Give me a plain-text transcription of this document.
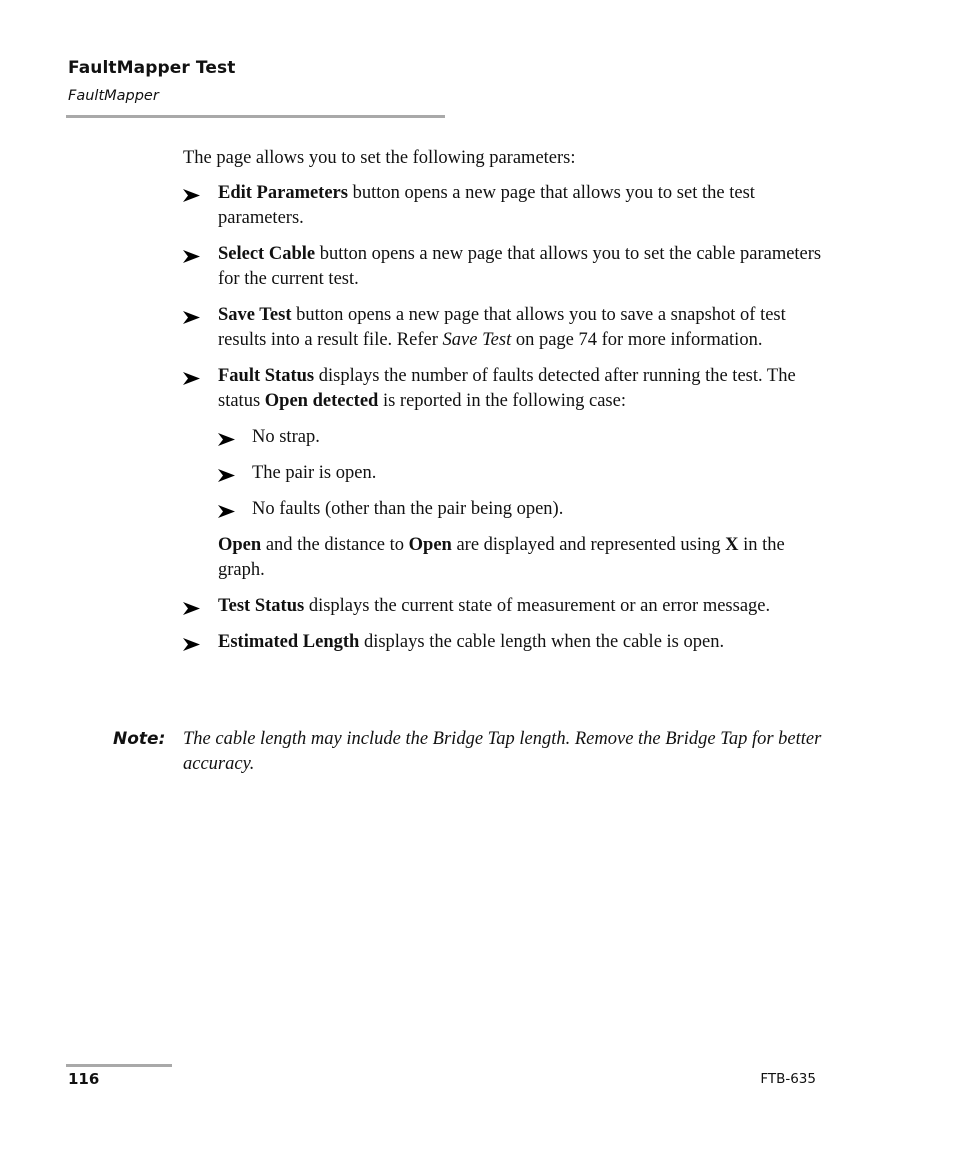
FaultMapper Test
FaultMapper

The page allows you to set the following parameters:

Edit Parameters button opens a new page that allows you to set the test parameters.
Select Cable button opens a new page that allows you to set the cable parameters for the current test.
Save Test button opens a new page that allows you to save a snapshot of test results into a result file. Refer Save Test on page 74 for more information.
Fault Status displays the number of faults detected after running the test. The status Open detected is reported in the following case:
No strap.
The pair is open.
No faults (other than the pair being open).
Open and the distance to Open are displayed and represented using X in the graph.
Test Status displays the current state of measurement or an error message.
Estimated Length displays the cable length when the cable is open.
Note: The cable length may include the Bridge Tap length. Remove the Bridge Tap for better accuracy.
116	FTB-635
